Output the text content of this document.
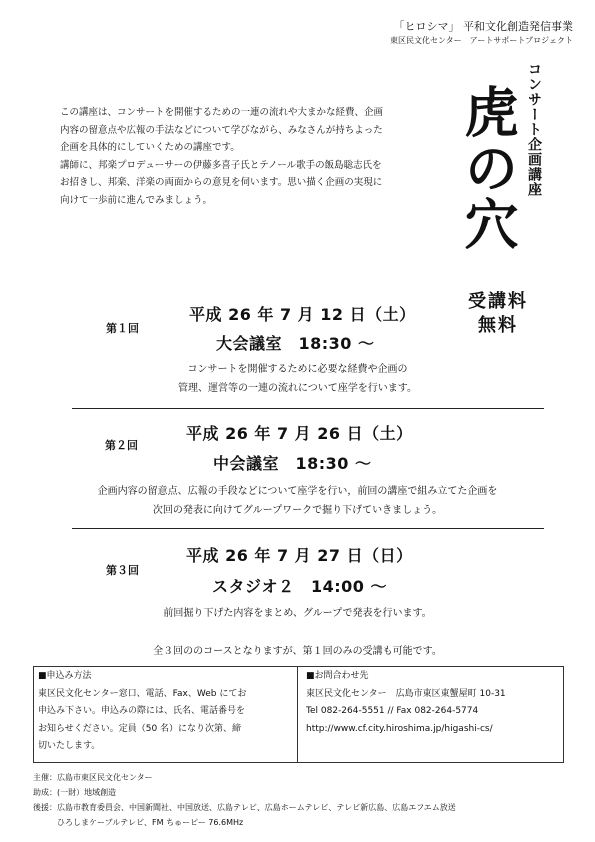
「ヒロシマ」 平和文化創造発信事業
東区民文化センター　アートサポートプロジェクト
この講座は、コンサートを開催するための一連の流れや大まかな経費、企画
内容の留意点や広報の手法などについて学びながら、みなさんが持ちよった
企画を具体的にしていくための講座です。
講師に、邦楽プロデューサーの伊藤多喜子氏とテノール歌手の飯島聡志氏を
お招きし、邦楽、洋楽の両面からの意見を伺います。思い描く企画の実現に
向けて一歩前に進んでみましょう。
コンサート企画講座
虎の穴
受講料
無料
第１回
平成 26 年 7 月 12 日（土）
大会議室　18:30 〜
コンサートを開催するために必要な経費や企画の
管理、運営等の一連の流れについて座学を行います。
第２回
平成 26 年 7 月 26 日（土）
中会議室　18:30 〜
企画内容の留意点、広報の手段などについて座学を行い，前回の講座で組み立てた企画を
次回の発表に向けてグループワークで掘り下げていきましょう。
第３回
平成 26 年 7 月 27 日（日）
スタジオ２　14:00 〜
前回掘り下げた内容をまとめ、グループで発表を行います。
全３回ののコースとなりますが、第１回のみの受講も可能です。
■申込み方法
東区民文化センター窓口、電話、Fax、Web にてお
申込み下さい。申込みの際には、氏名、電話番号を
お知らせください。定員（50 名）になり次第、締
切いたします。
■お問合わせ先
東区民文化センター　広島市東区東蟹屋町 10-31
Tel 082-264-5551 // Fax 082-264-5774
http://www.cf.city.hiroshima.jp/higashi-cs/
主催：広島市東区民文化センター
助成：(一財）地域創造
後援：広島市教育委員会、中国新聞社、中国放送、広島テレビ、広島ホームテレビ、テレビ新広島、広島エフエム放送
　　　ひろしまケーブルテレビ、FM ちゅーピー 76.6MHz
